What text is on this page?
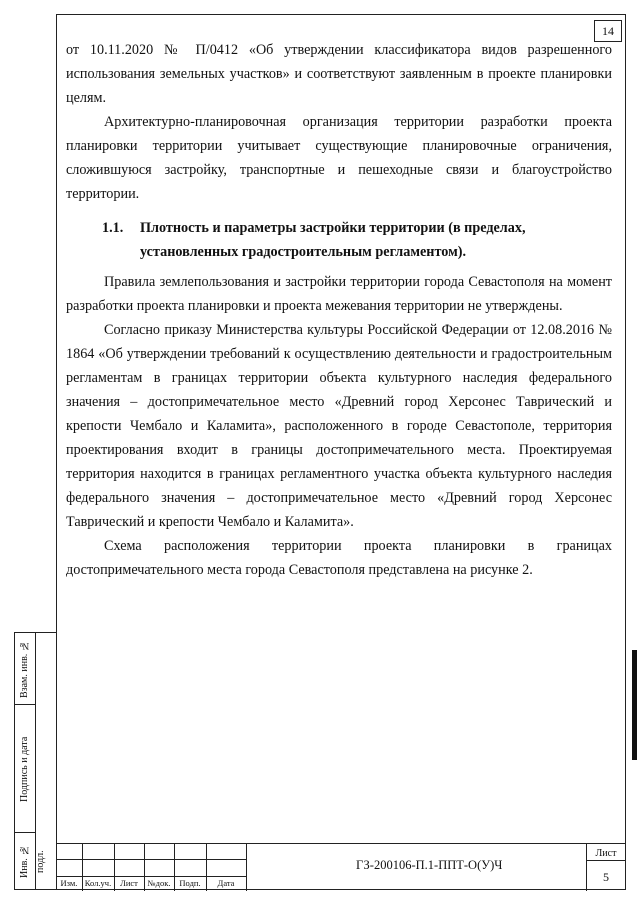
14

от 10.11.2020 № П/0412 «Об утверждении классификатора видов разрешенного использования земельных участков» и соответствуют заявленным в проекте планировки целям.

Архитектурно-планировочная организация территории разработки проекта планировки территории учитывает существующие планировочные ограничения, сложившуюся застройку, транспортные и пешеходные связи и благоустройство территории.

1.1. Плотность и параметры застройки территории (в пределах,
установленных градостроительным регламентом).

Правила землепользования и застройки территории города Севастополя на момент разработки проекта планировки и проекта межевания территории не утверждены.

Согласно приказу Министерства культуры Российской Федерации от 12.08.2016 № 1864 «Об утверждении требований к осуществлению деятельности и градостроительным регламентам в границах территории объекта культурного наследия федерального значения – достопримечательное место «Древний город Херсонес Таврический и крепости Чембало и Каламита», расположенного в городе Севастополе, территория проектирования входит в границы достопримечательного места. Проектируемая территория находится в границах регламентного участка объекта культурного наследия федерального значения – достопримечательное место «Древний город Херсонес Таврический и крепости Чембало и Каламита».

Схема расположения территории проекта планировки в границах достопримечательного места города Севастополя представлена на рисунке 2.

Взам. инв. №
Подпись и дата
Инв. № подл.
Изм. Кол.уч.	Лист	№док.	Подп.	Дата
ГЗ-200106-П.1-ППТ-О(У)Ч
Лист
5
